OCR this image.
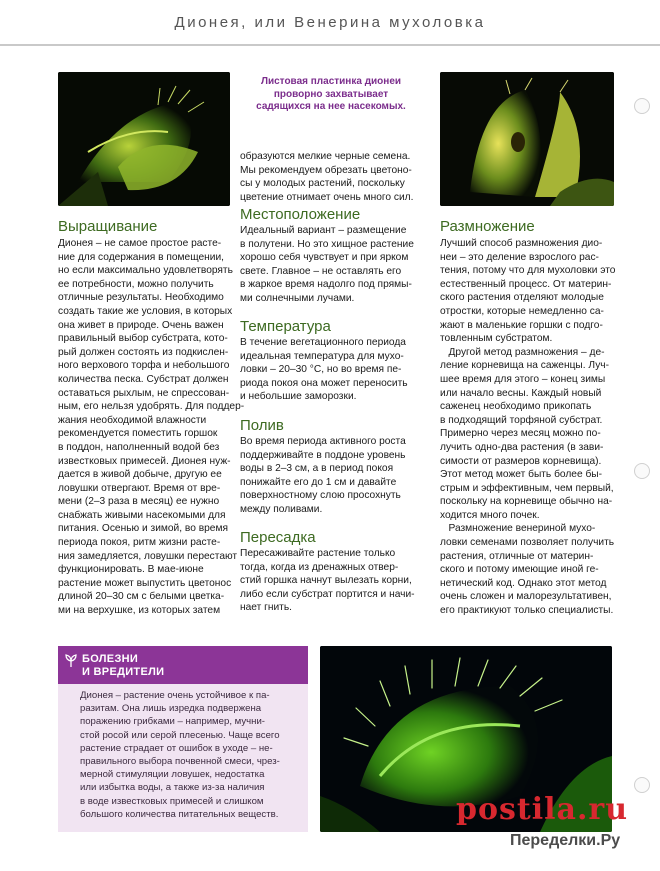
Дионея, или Венерина мухоловка
Листовая пластинка дионеи
проворно захватывает
садящихся на нее насекомых.
Выращивание
Дионея – не самое простое расте-
ние для содержания в помещении,
но если максимально удовлетворять
ее потребности, можно получить
отличные результаты. Необходимо
создать такие же условия, в которых
она живет в природе. Очень важен
правильный выбор субстрата, кото-
рый должен состоять из подкислен-
ного верхового торфа и небольшого
количества песка. Субстрат должен
оставаться рыхлым, не спрессован-
ным, его нельзя удобрять. Для поддер-
жания необходимой влажности
рекомендуется поместить горшок
в поддон, наполненный водой без
известковых примесей. Дионея нуж-
дается в живой добыче, другую ее
ловушки отвергают. Время от вре-
мени (2–3 раза в месяц) ее нужно
снабжать живыми насекомыми для
питания. Осенью и зимой, во время
периода покоя, ритм жизни расте-
ния замедляется, ловушки перестают
функционировать. В мае-июне
растение может выпустить цветонос
длиной 20–30 см с белыми цветка-
ми на верхушке, из которых затем
образуются мелкие черные семена.
Мы рекомендуем обрезать цветоно-
сы у молодых растений, поскольку
цветение отнимает очень много сил.
Местоположение
Идеальный вариант – размещение
в полутени. Но это хищное растение
хорошо себя чувствует и при ярком
свете. Главное – не оставлять его
в жаркое время надолго под прямы-
ми солнечными лучами.
Температура
В течение вегетационного периода
идеальная температура для мухо-
ловки – 20–30 °С, но во время пе-
риода покоя она может переносить
и небольшие заморозки.
Полив
Во время периода активного роста
поддерживайте в поддоне уровень
воды в 2–3 см, а в период покоя
понижайте его до 1 см и давайте
поверхностному слою просохнуть
между поливами.
Пересадка
Пересаживайте растение только
тогда, когда из дренажных отвер-
стий горшка начнут вылезать корни,
либо если субстрат портится и начи-
нает гнить.
Размножение
Лучший способ размножения дио-
неи – это деление взрослого рас-
тения, потому что для мухоловки это
естественный процесс. От материн-
ского растения отделяют молодые
отростки, которые немедленно са-
жают в маленькие горшки с подго-
товленным субстратом.
Другой метод размножения – де-
ление корневища на саженцы. Луч-
шее время для этого – конец зимы
или начало весны. Каждый новый
саженец необходимо прикопать
в подходящий торфяной субстрат.
Примерно через месяц можно по-
лучить одно-два растения (в зави-
симости от размеров корневища).
Этот метод может быть более бы-
стрым и эффективным, чем первый,
поскольку на корневище обычно на-
ходится много почек.
Размножение венериной мухо-
ловки семенами позволяет получить
растения, отличные от материн-
ского и потому имеющие иной ге-
нетический код. Однако этот метод
очень сложен и малорезультативен,
его практикуют только специалисты.
БОЛЕЗНИ
И ВРЕДИТЕЛИ
Дионея – растение очень устойчивое к па-
разитам. Она лишь изредка подвержена
поражению грибками – например, мучни-
стой росой или серой плесенью. Чаще всего
растение страдает от ошибок в уходе – не-
правильного выбора почвенной смеси, чрез-
мерной стимуляции ловушек, недостатка
или избытка воды, а также из-за наличия
в воде известковых примесей и слишком
большого количества питательных веществ.	postila.ru
Переделки.Ру
